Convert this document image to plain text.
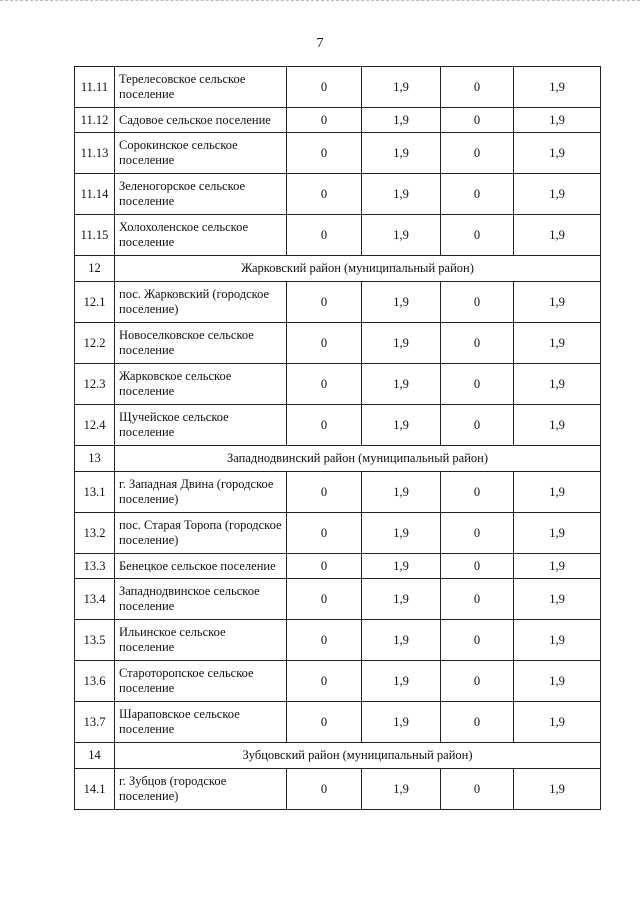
7
11.11	Терелесовское сельское поселение	0	1,9	0	1,9
11.12	Садовое сельское поселение	0	1,9	0	1,9
11.13	Сорокинское сельское поселение	0	1,9	0	1,9
11.14	Зеленогорское сельское поселение	0	1,9	0	1,9
11.15	Холохоленское сельское поселение	0	1,9	0	1,9
12	Жарковский район (муниципальный район)				
12.1	пос. Жарковский (городское поселение)	0	1,9	0	1,9
12.2	Новоселковское сельское поселение	0	1,9	0	1,9
12.3	Жарковское сельское поселение	0	1,9	0	1,9
12.4	Щучейское сельское поселение	0	1,9	0	1,9
13	Западнодвинский район (муниципальный район)				
13.1	г. Западная Двина (городское поселение)	0	1,9	0	1,9
13.2	пос. Старая Торопа (городское поселение)	0	1,9	0	1,9
13.3	Бенецкое сельское поселение	0	1,9	0	1,9
13.4	Западнодвинское сельское поселение	0	1,9	0	1,9
13.5	Ильинское сельское поселение	0	1,9	0	1,9
13.6	Староторопское сельское поселение	0	1,9	0	1,9
13.7	Шараповское сельское поселение	0	1,9	0	1,9
14	Зубцовский район (муниципальный район)				
14.1	г. Зубцов (городское поселение)	0	1,9	0	1,9
